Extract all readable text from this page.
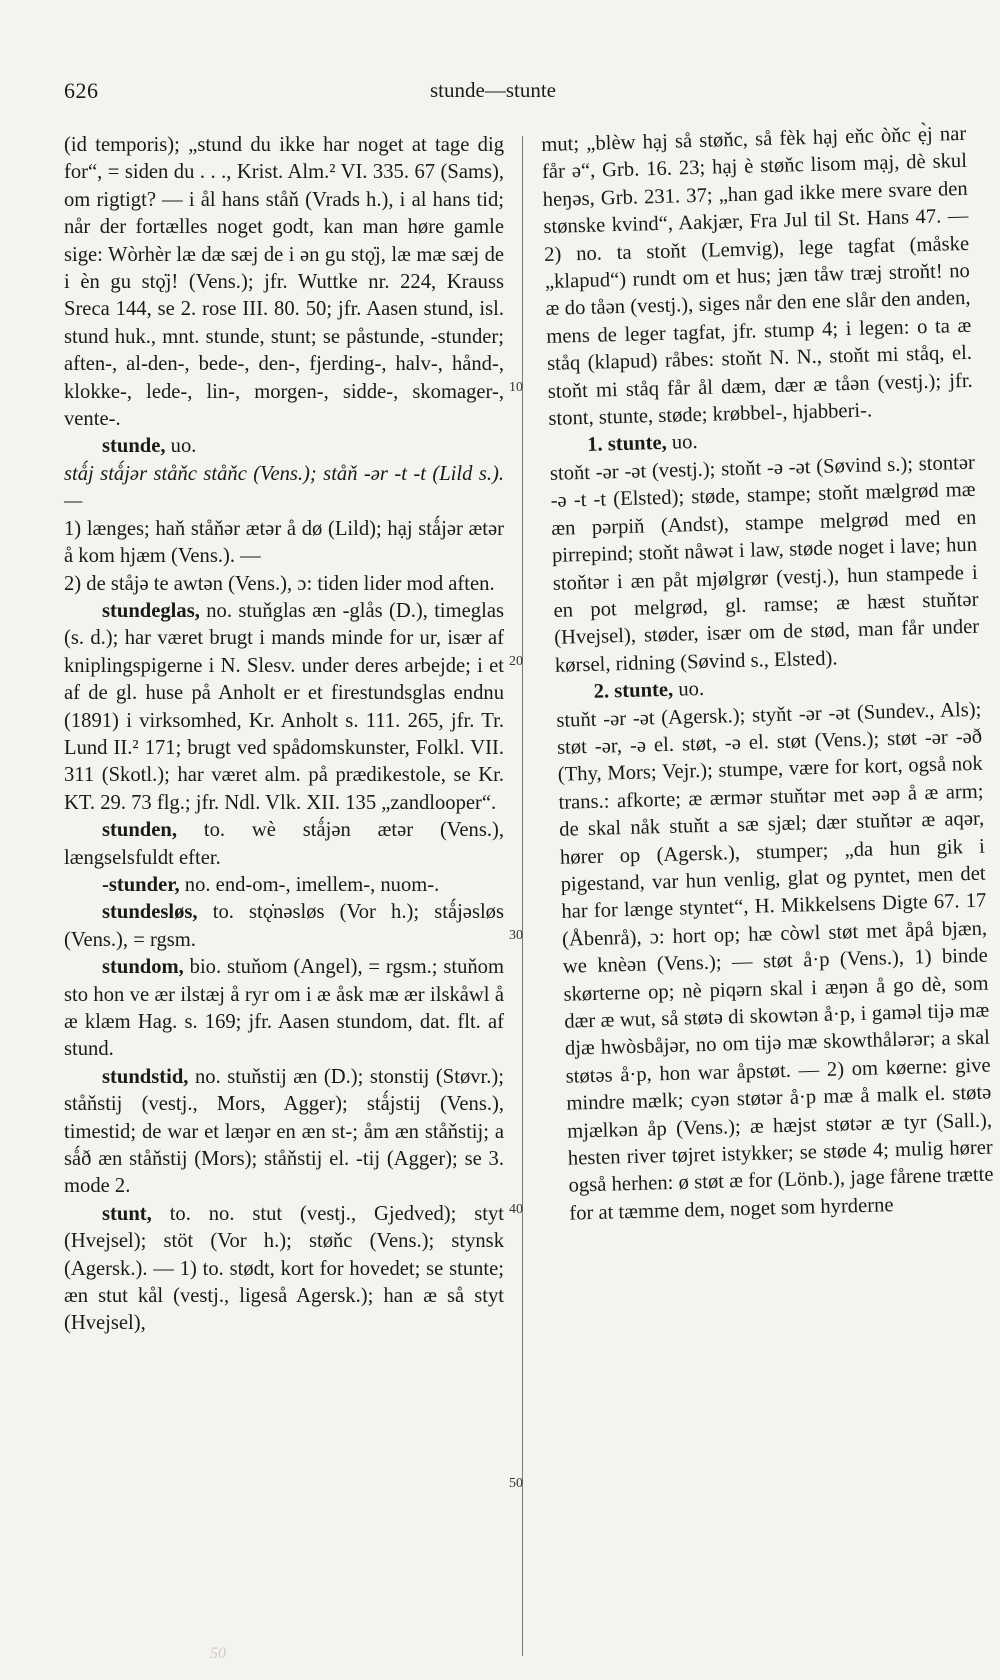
626	stunde—stunte

(id temporis); „stund du ikke har noget at tage dig for“, = siden du . . ., Krist. Alm.² VI. 335. 67 (Sams), om rigtigt? — i ål hans ståň (Vrads h.), i al hans tid; når der fortælles noget godt, kan man høre gamle sige: Wòrhèr læ dæ sæj de i ən gu stǫ̇j, læ mæ sæj de i èn gu stǫ̇j! (Vens.); jfr. Wuttke nr. 224, Krauss Sreca 144, se 2. rose III. 80. 50; jfr. Aasen stund, isl. stund huk., mnt. stunde, stunt; se påstunde, -stunder; aften-, al-den-, bede-, den-, fjerding-, halv-, hånd-, klokke-, lede-, lin-, morgen-, sidde-, skomager-, vente-.

stunde, uo.

stǻj stǻjər ståňc ståňc (Vens.); ståň -ər -t -t (Lild s.). —

1) længes; haň ståňər ætər å dø (Lild); hạj stǻjər ætər å kom hjæm (Vens.). —

2) de ståjə te awtən (Vens.), ɔ: tiden lider mod aften.

stundeglas, no. stuňglas æn -glås (D.), timeglas (s. d.); har været brugt i mands minde for ur, især af kniplingspigerne i N. Slesv. under deres arbejde; i et af de gl. huse på Anholt er et firestundsglas endnu (1891) i virksomhed, Kr. Anholt s. 111. 265, jfr. Tr. Lund II.² 171; brugt ved spådomskunster, Folkl. VII. 311 (Skotl.); har været alm. på prædikestole, se Kr. KT. 29. 73 flg.; jfr. Ndl. Vlk. XII. 135 „zandlooper“.

stunden, to. wè stǻjən ætər (Vens.), længselsfuldt efter.

-stunder, no. end-om-, imellem-, nuom-.

stundesløs, to. stǫ̇nəsløs (Vor h.); stǻjəsløs (Vens.), = rgsm.

stundom, bio. stuňom (Angel), = rgsm.; stuňom sto hon ve ær ilstæj å ryr om i æ åsk mæ ær ilskåwl å æ klæm Hag. s. 169; jfr. Aasen stundom, dat. flt. af stund.

stundstid, no. stuňstij æn (D.); stonstij (Støvr.); ståňstij (vestj., Mors, Agger); stǻjstij (Vens.), timestid; de war et læŋər en æn st-; åm æn ståňstij; a sǻð æn ståňstij (Mors); ståňstij el. -tij (Agger); se 3. mode 2.

stunt, to. no. stut (vestj., Gjedved); styt (Hvejsel); stöt (Vor h.); støňc (Vens.); stynsk (Agersk.). — 1) to. stødt, kort for hovedet; se stunte; æn stut kål (vestj., ligeså Agersk.); han æ så styt (Hvejsel),

10
20
30
40
50

mut; „blèw hạj så støňc, så fèk hạj eňc òňc ẹ̀j nar får ə“, Grb. 16. 23; hạj è støňc lisom mạj, dè skul heŋəs, Grb. 231. 37; „han gad ikke mere svare den stønske kvind“, Aakjær, Fra Jul til St. Hans 47. — 2) no. ta stoňt (Lemvig), lege tagfat (måske „klapud“) rundt om et hus; jæn tåw træj stroňt! no æ do tåən (vestj.), siges når den ene slår den anden, mens de leger tagfat, jfr. stump 4; i legen: o ta æ ståq (klapud) råbes: stoňt N. N., stoňt mi ståq, el. stoňt mi ståq får ål dæm, dær æ tåən (vestj.); jfr. stont, stunte, støde; krøbbel-, hjabberi-.

1. stunte, uo.

stoňt -ər -ət (vestj.); stoňt -ə -ət (Søvind s.); stontər -ə -t -t (Elsted); støde, stampe; stoňt mælgrød mæ æn pərpiň (Andst), stampe melgrød med en pirrepind; stoňt nåwət i law, støde noget i lave; hun stoňtər i æn påt mjølgrør (vestj.), hun stampede i en pot melgrød, gl. ramse; æ hæst stuňtər (Hvejsel), støder, især om de stød, man får under kørsel, ridning (Søvind s., Elsted).

2. stunte, uo.

stuňt -ər -ət (Agersk.); styňt -ər -ət (Sundev., Als); støt -ər, -ə el. støt, -ə el. støt (Vens.); støt -ər -əð (Thy, Mors; Vejr.); stumpe, være for kort, også nok trans.: afkorte; æ ærmər stuňtər met əəp å æ arm; de skal nåk stuňt a sæ sjæl; dær stuňtər æ aqər, hører op (Agersk.), stumper; „da hun gik i pigestand, var hun venlig, glat og pyntet, men det har for længe styntet“, H. Mikkelsens Digte 67. 17 (Åbenrå), ɔ: hort op; hæ còwl støt met åpå bjæn, we knèən (Vens.); — støt å·p (Vens.), 1) binde skørterne op; nè piqərn skal i æŋən å go dè, som dær æ wut, så støtə di skowtən å·p, i gaməl tijə mæ djæ hwòsbåjər, no om tijə mæ skowthålərər; a skal støtəs å·p, hon war åpstøt. — 2) om køerne: give mindre mælk; cyən støtər å·p mæ å malk el. støtə mjælkən åp (Vens.); æ hæjst støtər æ tyr (Sall.), hesten river tøjret istykker; se støde 4; mulig hører også herhen: ø støt æ for (Lönb.), jage fårene trætte for at tæmme dem, noget som hyrderne

50
